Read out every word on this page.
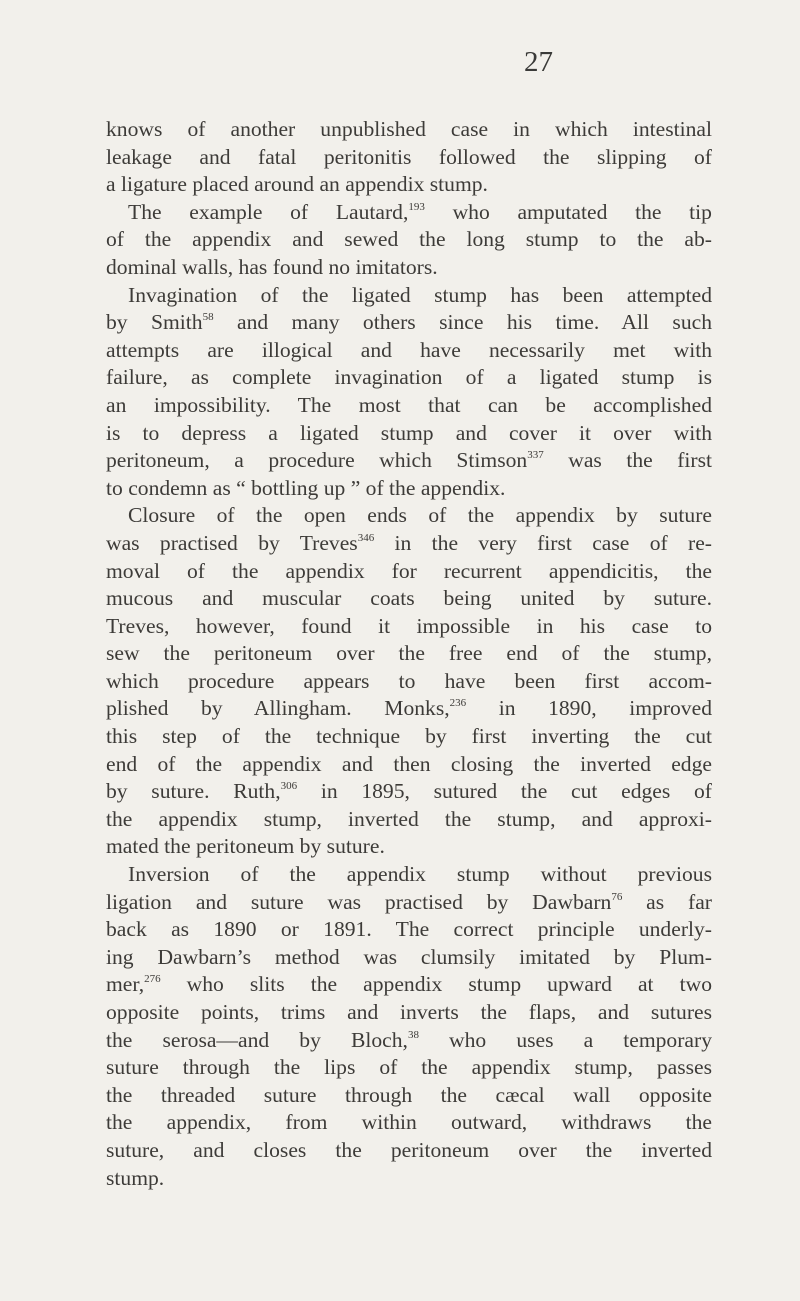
27
knows of another unpublished case in which intestinal
leakage and fatal peritonitis followed the slipping of
a ligature placed around an appendix stump.
The example of Lautard,$^{193}$ who amputated the tip
of the appendix and sewed the long stump to the ab-
dominal walls, has found no imitators.
Invagination of the ligated stump has been attempted
by Smith$^{58}$ and many others since his time. All such
attempts are illogical and have necessarily met with
failure, as complete invagination of a ligated stump is
an impossibility. The most that can be accomplished
is to depress a ligated stump and cover it over with
peritoneum, a procedure which Stimson$^{337}$ was the first
to condemn as “ bottling up ” of the appendix.
Closure of the open ends of the appendix by suture
was practised by Treves$^{346}$ in the very first case of re-
moval of the appendix for recurrent appendicitis, the
mucous and muscular coats being united by suture.
Treves, however, found it impossible in his case to
sew the peritoneum over the free end of the stump,
which procedure appears to have been first accom-
plished by Allingham. Monks,$^{236}$ in 1890, improved
this step of the technique by first inverting the cut
end of the appendix and then closing the inverted edge
by suture. Ruth,$^{306}$ in 1895, sutured the cut edges of
the appendix stump, inverted the stump, and approxi-
mated the peritoneum by suture.
Inversion of the appendix stump without previous
ligation and suture was practised by Dawbarn$^{76}$ as far
back as 1890 or 1891. The correct principle underly-
ing Dawbarn’s method was clumsily imitated by Plum-
mer,$^{276}$ who slits the appendix stump upward at two
opposite points, trims and inverts the flaps, and sutures
the serosa—and by Bloch,$^{38}$ who uses a temporary
suture through the lips of the appendix stump, passes
the threaded suture through the cæcal wall opposite
the appendix, from within outward, withdraws the
suture, and closes the peritoneum over the inverted
stump.
